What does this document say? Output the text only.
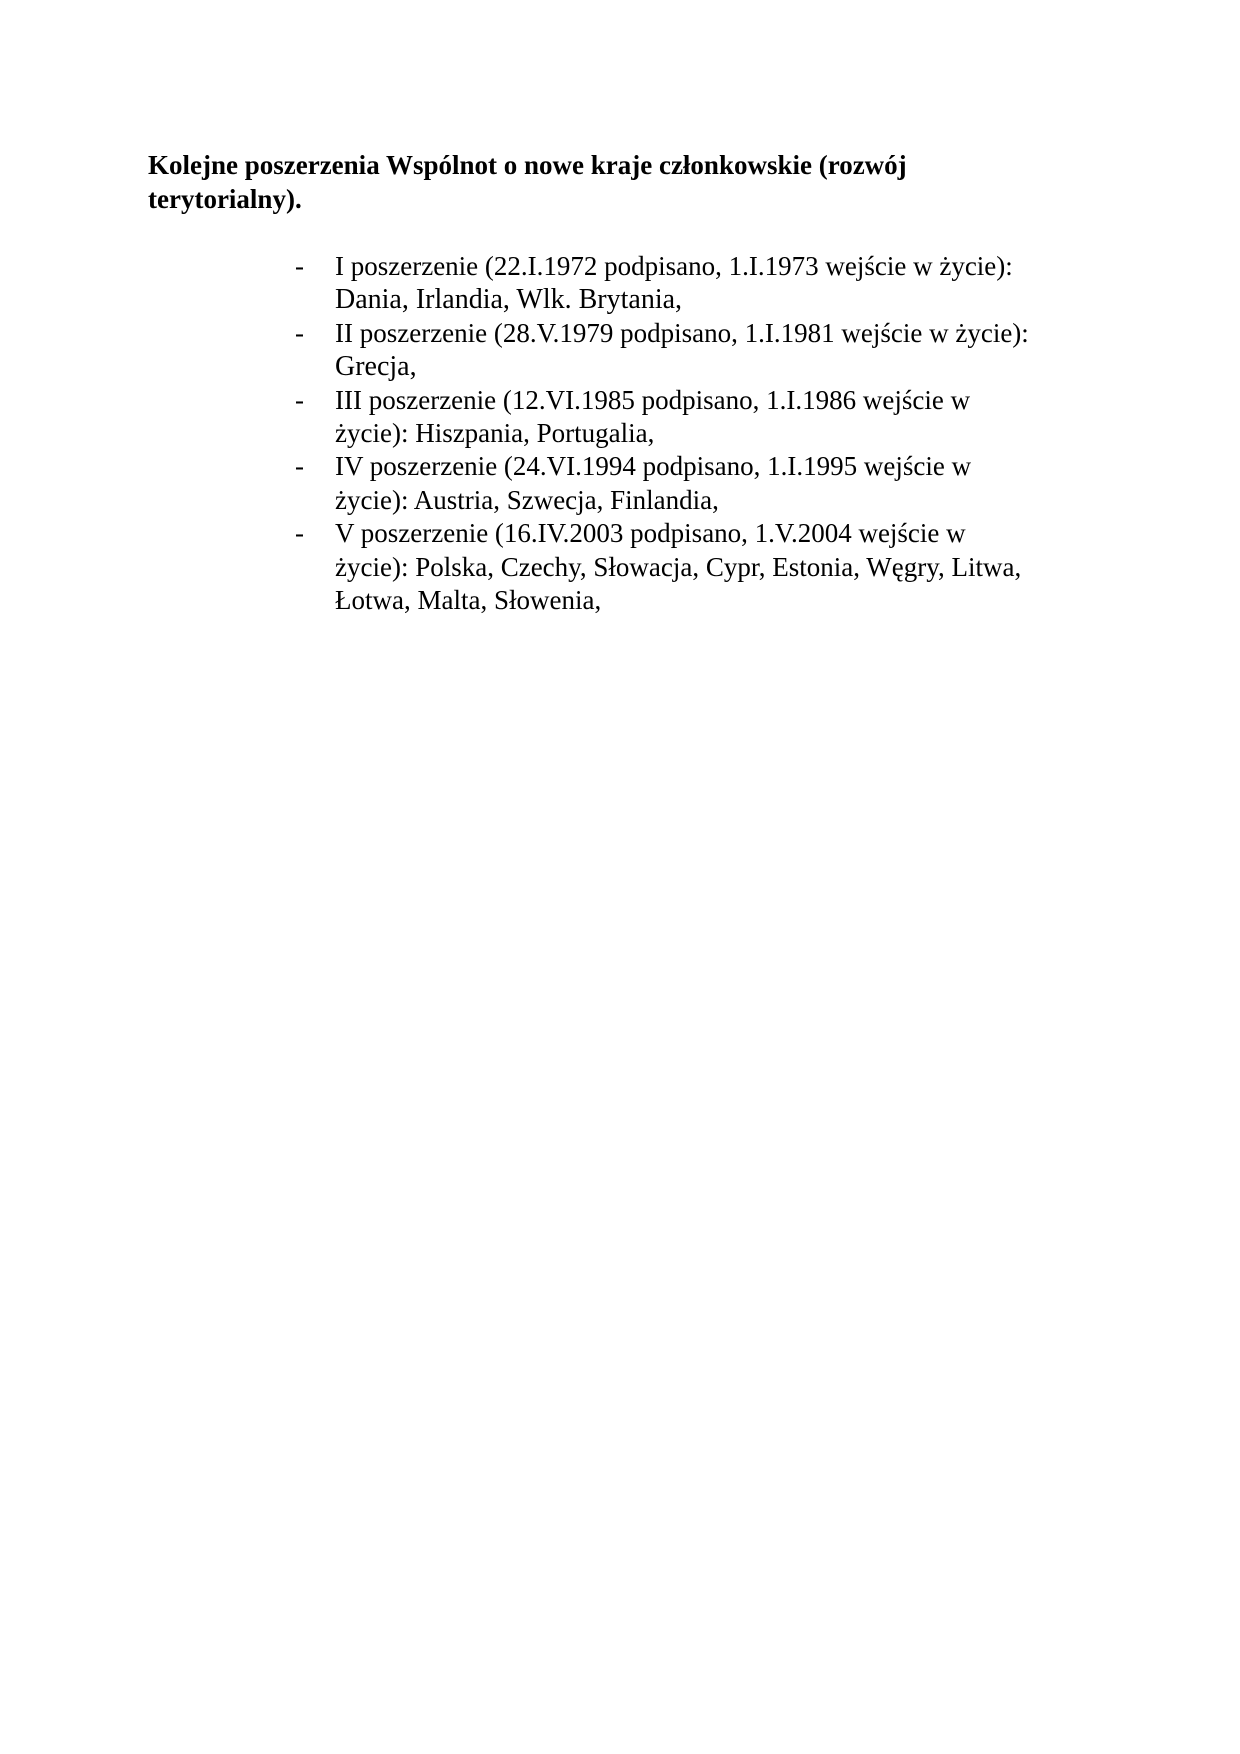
Kolejne poszerzenia Wspólnot o nowe kraje członkowskie (rozwój
terytorialny).
- I poszerzenie (22.I.1972 podpisano, 1.I.1973 wejście w życie):
Dania, Irlandia, Wlk. Brytania,
- II poszerzenie (28.V.1979 podpisano, 1.I.1981 wejście w życie):
Grecja,
- III poszerzenie (12.VI.1985 podpisano, 1.I.1986 wejście w
życie): Hiszpania, Portugalia,
- IV poszerzenie (24.VI.1994 podpisano, 1.I.1995 wejście w
życie): Austria, Szwecja, Finlandia,
- V poszerzenie (16.IV.2003 podpisano, 1.V.2004 wejście w
życie): Polska, Czechy, Słowacja, Cypr, Estonia, Węgry, Litwa,
Łotwa, Malta, Słowenia,
